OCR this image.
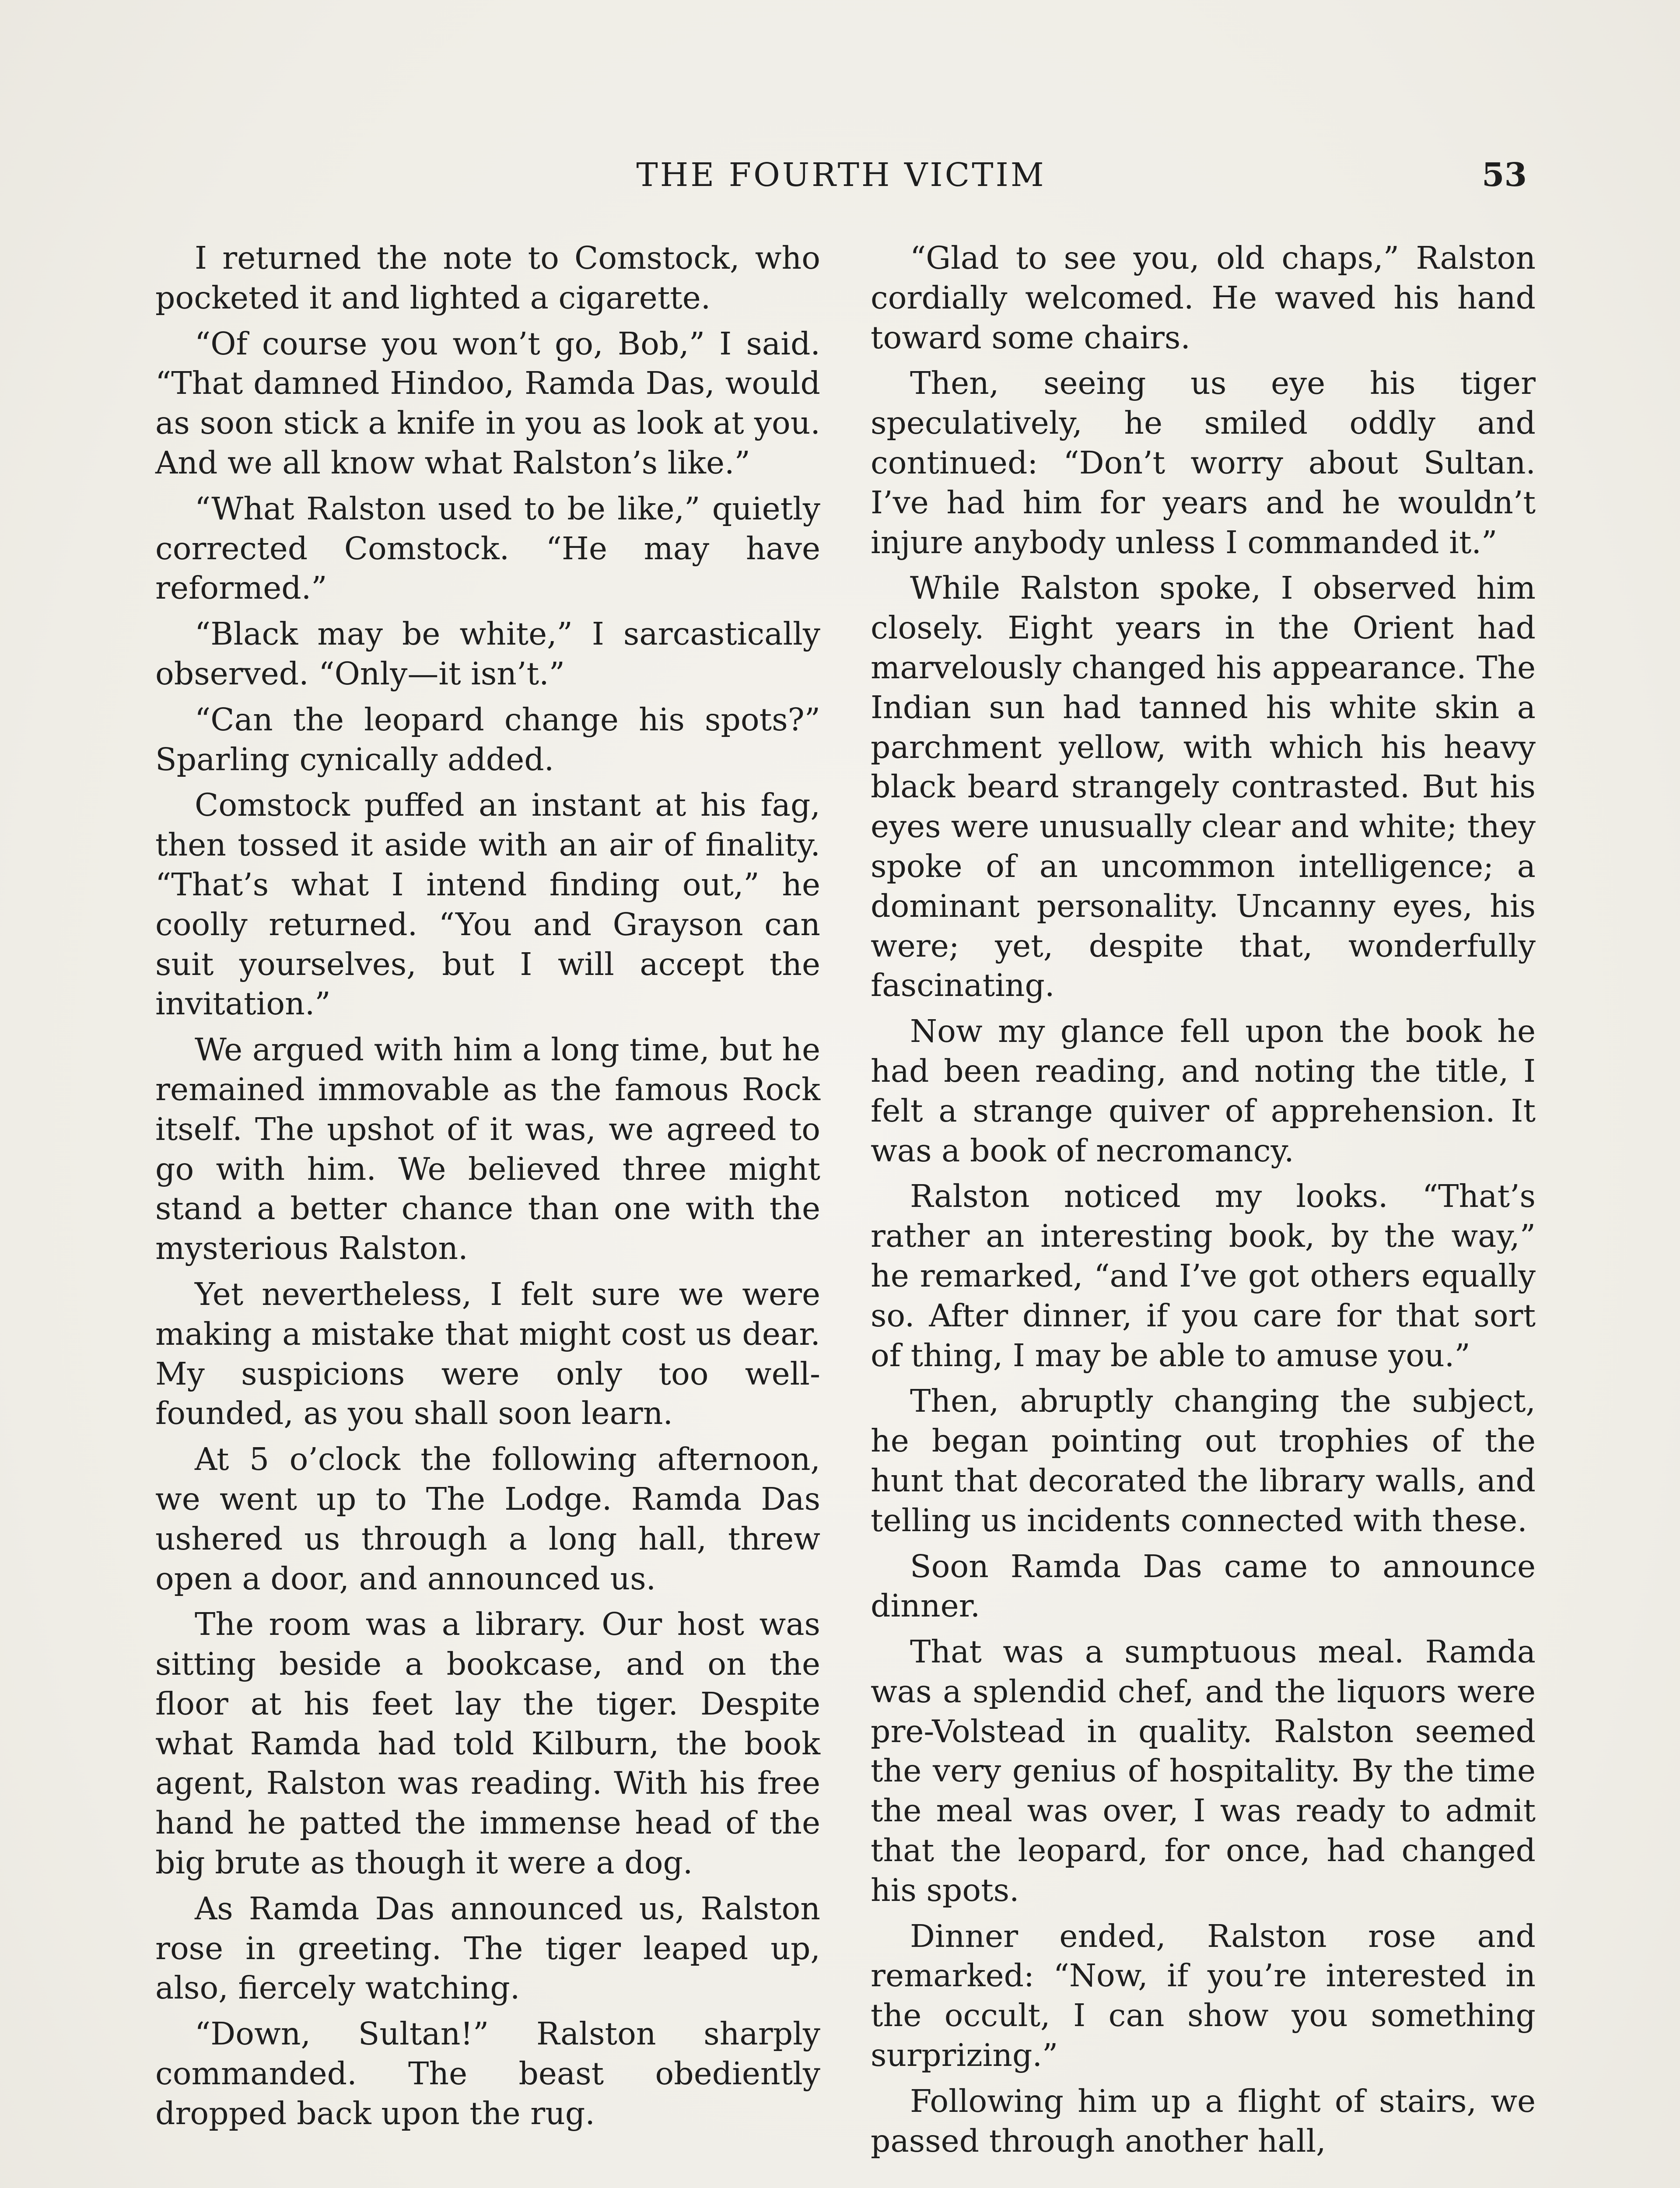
THE FOURTH VICTIM	53

I returned the note to Comstock, who pocketed it and lighted a cigarette.

“Of course you won’t go, Bob,” I said. “That damned Hindoo, Ramda Das, would as soon stick a knife in you as look at you. And we all know what Ralston’s like.”

“What Ralston used to be like,” quietly corrected Comstock. “He may have reformed.”

“Black may be white,” I sarcastically observed. “Only—it isn’t.”

“Can the leopard change his spots?” Sparling cynically added.

Comstock puffed an instant at his fag, then tossed it aside with an air of finality. “That’s what I intend finding out,” he coolly returned. “You and Grayson can suit yourselves, but I will accept the invitation.”

We argued with him a long time, but he remained immovable as the famous Rock itself. The upshot of it was, we agreed to go with him. We believed three might stand a better chance than one with the mysterious Ralston.

Yet nevertheless, I felt sure we were making a mistake that might cost us dear. My suspicions were only too well-founded, as you shall soon learn.

At 5 o’clock the following afternoon, we went up to The Lodge. Ramda Das ushered us through a long hall, threw open a door, and announced us.

The room was a library. Our host was sitting beside a bookcase, and on the floor at his feet lay the tiger. Despite what Ramda had told Kilburn, the book agent, Ralston was reading. With his free hand he patted the immense head of the big brute as though it were a dog.

As Ramda Das announced us, Ralston rose in greeting. The tiger leaped up, also, fiercely watching.

“Down, Sultan!” Ralston sharply commanded. The beast obediently dropped back upon the rug.

“Glad to see you, old chaps,” Ralston cordially welcomed. He waved his hand toward some chairs.

Then, seeing us eye his tiger speculatively, he smiled oddly and continued: “Don’t worry about Sultan. I’ve had him for years and he wouldn’t injure anybody unless I commanded it.”

While Ralston spoke, I observed him closely. Eight years in the Orient had marvelously changed his appearance. The Indian sun had tanned his white skin a parchment yellow, with which his heavy black beard strangely contrasted. But his eyes were unusually clear and white; they spoke of an uncommon intelligence; a dominant personality. Uncanny eyes, his were; yet, despite that, wonderfully fascinating.

Now my glance fell upon the book he had been reading, and noting the title, I felt a strange quiver of apprehension. It was a book of necromancy.

Ralston noticed my looks. “That’s rather an interesting book, by the way,” he remarked, “and I’ve got others equally so. After dinner, if you care for that sort of thing, I may be able to amuse you.”

Then, abruptly changing the subject, he began pointing out trophies of the hunt that decorated the library walls, and telling us incidents connected with these.

Soon Ramda Das came to announce dinner.

That was a sumptuous meal. Ramda was a splendid chef, and the liquors were pre-Volstead in quality. Ralston seemed the very genius of hospitality. By the time the meal was over, I was ready to admit that the leopard, for once, had changed his spots.

Dinner ended, Ralston rose and remarked: “Now, if you’re interested in the occult, I can show you something surprizing.”

Following him up a flight of stairs, we passed through another hall,
